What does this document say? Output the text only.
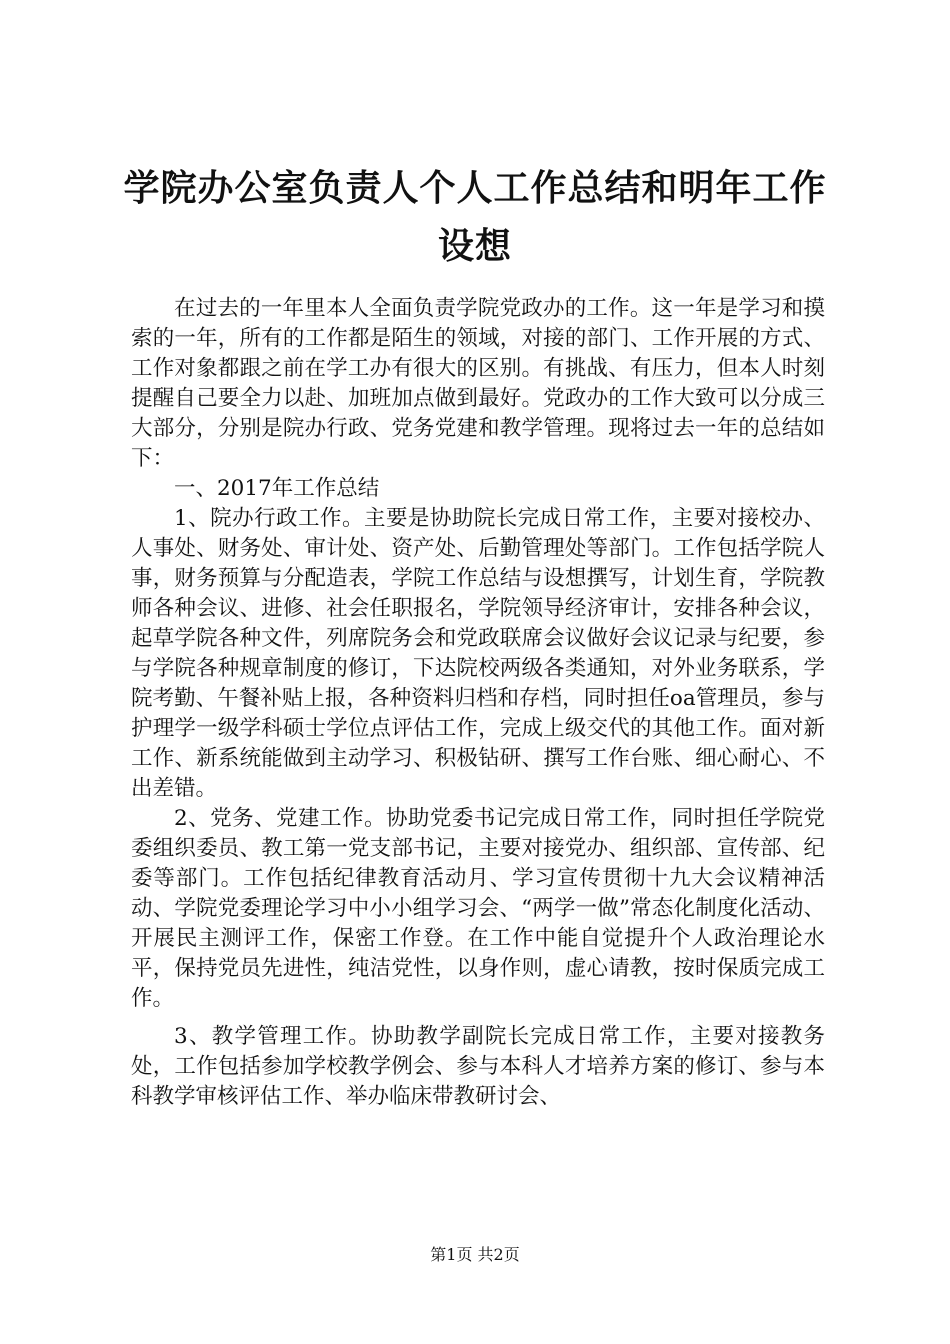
学院办公室负责人个人工作总结和明年工作设想

在过去的一年里本人全面负责学院党政办的工作。这一年是学习和摸索的一年，所有的工作都是陌生的领域，对接的部门、工作开展的方式、工作对象都跟之前在学工办有很大的区别。有挑战、有压力，但本人时刻提醒自己要全力以赴、加班加点做到最好。党政办的工作大致可以分成三大部分，分别是院办行政、党务党建和教学管理。现将过去一年的总结如下：

一、2017年工作总结

1、院办行政工作。主要是协助院长完成日常工作，主要对接校办、人事处、财务处、审计处、资产处、后勤管理处等部门。工作包括学院人事，财务预算与分配造表，学院工作总结与设想撰写，计划生育，学院教师各种会议、进修、社会任职报名，学院领导经济审计，安排各种会议，起草学院各种文件，列席院务会和党政联席会议做好会议记录与纪要，参与学院各种规章制度的修订，下达院校两级各类通知，对外业务联系，学院考勤、午餐补贴上报，各种资料归档和存档，同时担任oa管理员，参与护理学一级学科硕士学位点评估工作，完成上级交代的其他工作。面对新工作、新系统能做到主动学习、积极钻研、撰写工作台账、细心耐心、不出差错。

2、党务、党建工作。协助党委书记完成日常工作，同时担任学院党委组织委员、教工第一党支部书记，主要对接党办、组织部、宣传部、纪委等部门。工作包括纪律教育活动月、学习宣传贯彻十九大会议精神活动、学院党委理论学习中小小组学习会、“两学一做”常态化制度化活动、开展民主测评工作，保密工作登。在工作中能自觉提升个人政治理论水平，保持党员先进性，纯洁党性，以身作则，虚心请教，按时保质完成工作。

3、教学管理工作。协助教学副院长完成日常工作，主要对接教务处，工作包括参加学校教学例会、参与本科人才培养方案的修订、参与本科教学审核评估工作、举办临床带教研讨会、

第1页 共2页
